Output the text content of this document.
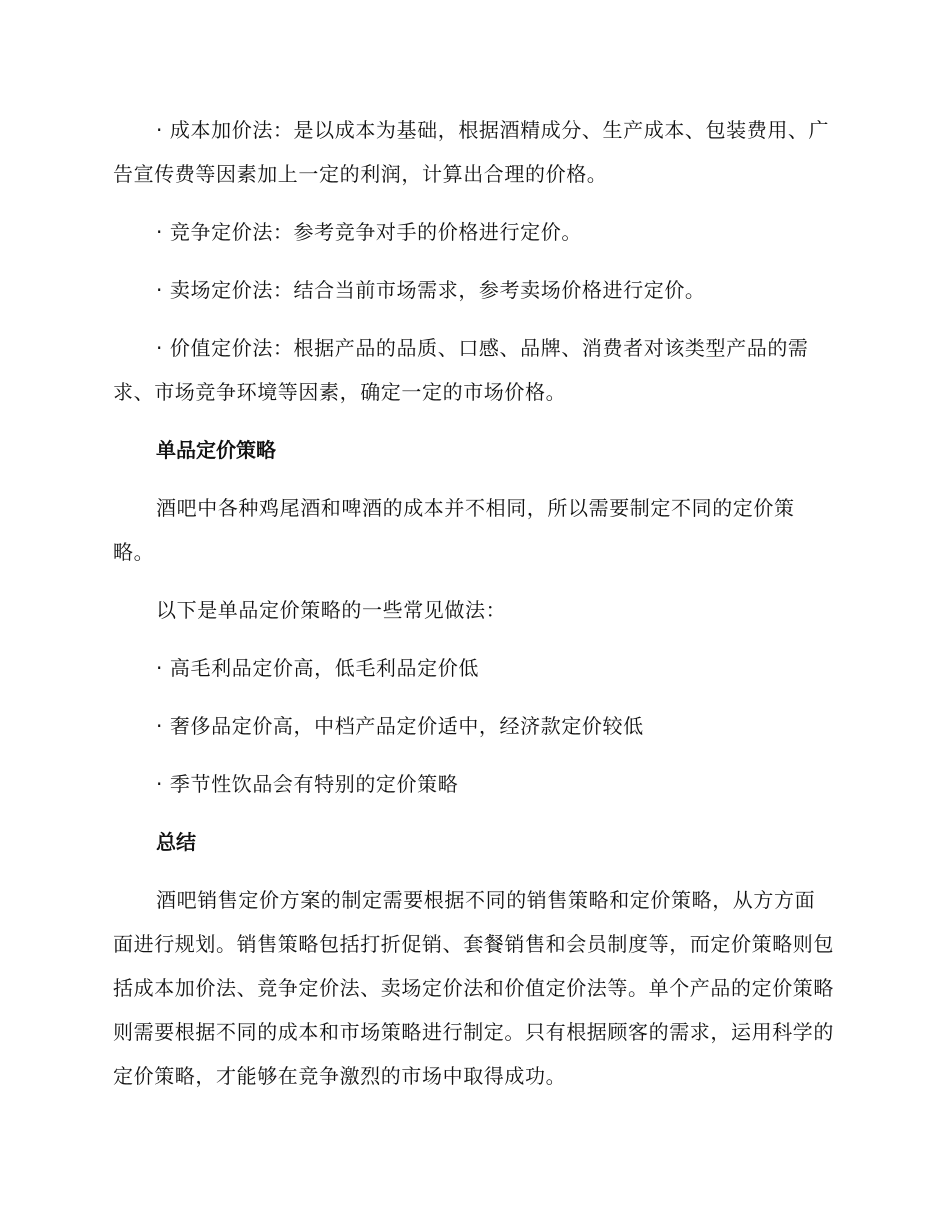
· 成本加价法：是以成本为基础，根据酒精成分、生产成本、包装费用、广告宣传费等因素加上一定的利润，计算出合理的价格。

· 竞争定价法：参考竞争对手的价格进行定价。

· 卖场定价法：结合当前市场需求，参考卖场价格进行定价。

· 价值定价法：根据产品的品质、口感、品牌、消费者对该类型产品的需求、市场竞争环境等因素，确定一定的市场价格。

单品定价策略

酒吧中各种鸡尾酒和啤酒的成本并不相同，所以需要制定不同的定价策略。

以下是单品定价策略的一些常见做法：

· 高毛利品定价高，低毛利品定价低

· 奢侈品定价高，中档产品定价适中，经济款定价较低

· 季节性饮品会有特别的定价策略

总结

酒吧销售定价方案的制定需要根据不同的销售策略和定价策略，从方方面面进行规划。销售策略包括打折促销、套餐销售和会员制度等，而定价策略则包括成本加价法、竞争定价法、卖场定价法和价值定价法等。单个产品的定价策略则需要根据不同的成本和市场策略进行制定。只有根据顾客的需求，运用科学的定价策略，才能够在竞争激烈的市场中取得成功。
